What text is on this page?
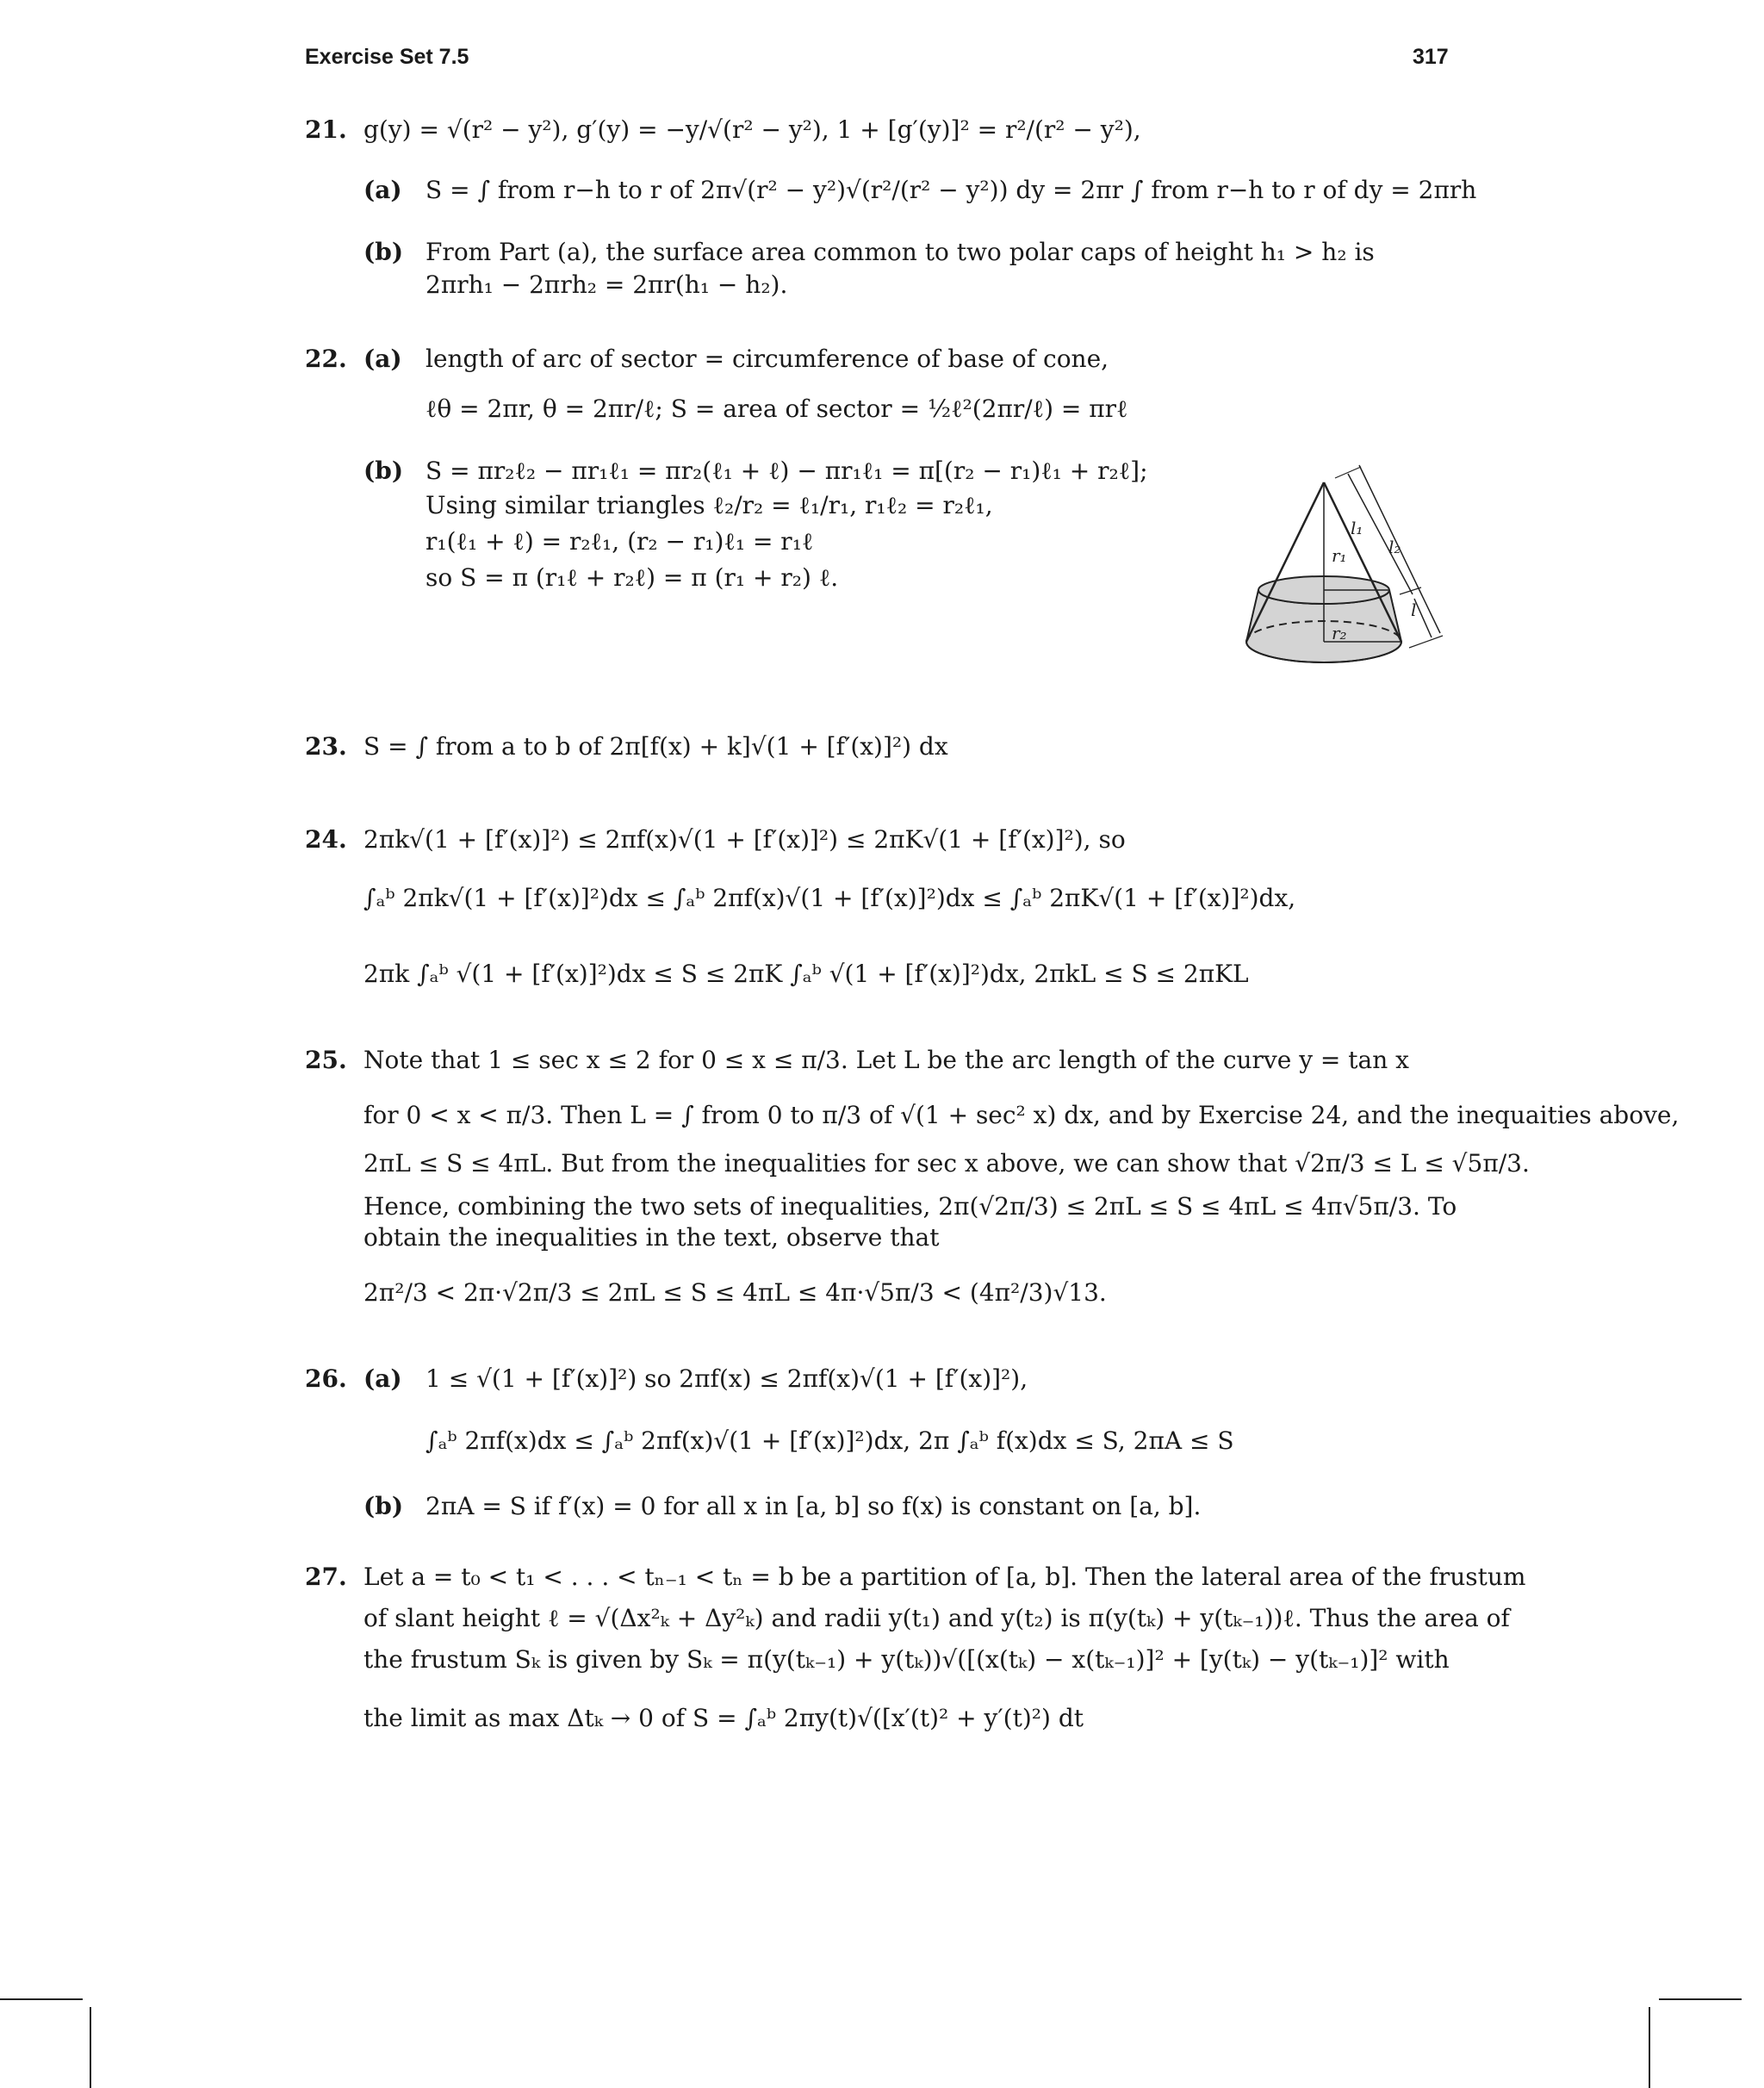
Exercise Set 7.5	317
21. g(y) = √(r² − y²), g′(y) = −y/√(r² − y²), 1 + [g′(y)]² = r²/(r² − y²),
(a) S = ∫ from r−h to r of 2π√(r² − y²)√(r²/(r² − y²)) dy = 2πr ∫ from r−h to r of dy = 2πrh
(b) From Part (a), the surface area common to two polar caps of height h₁ > h₂ is
2πrh₁ − 2πrh₂ = 2πr(h₁ − h₂).
22. (a) length of arc of sector = circumference of base of cone,
ℓθ = 2πr, θ = 2πr/ℓ; S = area of sector = ½ℓ²(2πr/ℓ) = πrℓ
(b) S = πr₂ℓ₂ − πr₁ℓ₁ = πr₂(ℓ₁ + ℓ) − πr₁ℓ₁ = π[(r₂ − r₁)ℓ₁ + r₂ℓ];
Using similar triangles ℓ₂/r₂ = ℓ₁/r₁, r₁ℓ₂ = r₂ℓ₁,
r₁(ℓ₁ + ℓ) = r₂ℓ₁, (r₂ − r₁)ℓ₁ = r₁ℓ
so S = π (r₁ℓ + r₂ℓ) = π (r₁ + r₂) ℓ.
l₁
l₂
r₁
l
r₂
23. S = ∫ from a to b of 2π[f(x) + k]√(1 + [f′(x)]²) dx
24. 2πk√(1 + [f′(x)]²) ≤ 2πf(x)√(1 + [f′(x)]²) ≤ 2πK√(1 + [f′(x)]²), so
∫ₐᵇ 2πk√(1 + [f′(x)]²)dx ≤ ∫ₐᵇ 2πf(x)√(1 + [f′(x)]²)dx ≤ ∫ₐᵇ 2πK√(1 + [f′(x)]²)dx,
2πk ∫ₐᵇ √(1 + [f′(x)]²)dx ≤ S ≤ 2πK ∫ₐᵇ √(1 + [f′(x)]²)dx, 2πkL ≤ S ≤ 2πKL
25. Note that 1 ≤ sec x ≤ 2 for 0 ≤ x ≤ π/3. Let L be the arc length of the curve y = tan x
for 0 < x < π/3. Then L = ∫ from 0 to π/3 of √(1 + sec² x) dx, and by Exercise 24, and the inequaities above,
2πL ≤ S ≤ 4πL. But from the inequalities for sec x above, we can show that √2π/3 ≤ L ≤ √5π/3.
Hence, combining the two sets of inequalities, 2π(√2π/3) ≤ 2πL ≤ S ≤ 4πL ≤ 4π√5π/3. To
obtain the inequalities in the text, observe that
2π²/3 < 2π·√2π/3 ≤ 2πL ≤ S ≤ 4πL ≤ 4π·√5π/3 < (4π²/3)√13.
26. (a) 1 ≤ √(1 + [f′(x)]²) so 2πf(x) ≤ 2πf(x)√(1 + [f′(x)]²),
∫ₐᵇ 2πf(x)dx ≤ ∫ₐᵇ 2πf(x)√(1 + [f′(x)]²)dx, 2π ∫ₐᵇ f(x)dx ≤ S, 2πA ≤ S
(b) 2πA = S if f′(x) = 0 for all x in [a, b] so f(x) is constant on [a, b].
27. Let a = t₀ < t₁ < . . . < tₙ₋₁ < tₙ = b be a partition of [a, b]. Then the lateral area of the frustum
of slant height ℓ = √(Δx²ₖ + Δy²ₖ) and radii y(t₁) and y(t₂) is π(y(tₖ) + y(tₖ₋₁))ℓ. Thus the area of
the frustum Sₖ is given by Sₖ = π(y(tₖ₋₁) + y(tₖ))√([(x(tₖ) − x(tₖ₋₁)]² + [y(tₖ) − y(tₖ₋₁)]² with
the limit as max Δtₖ → 0 of S = ∫ₐᵇ 2πy(t)√([x′(t)² + y′(t)²) dt
